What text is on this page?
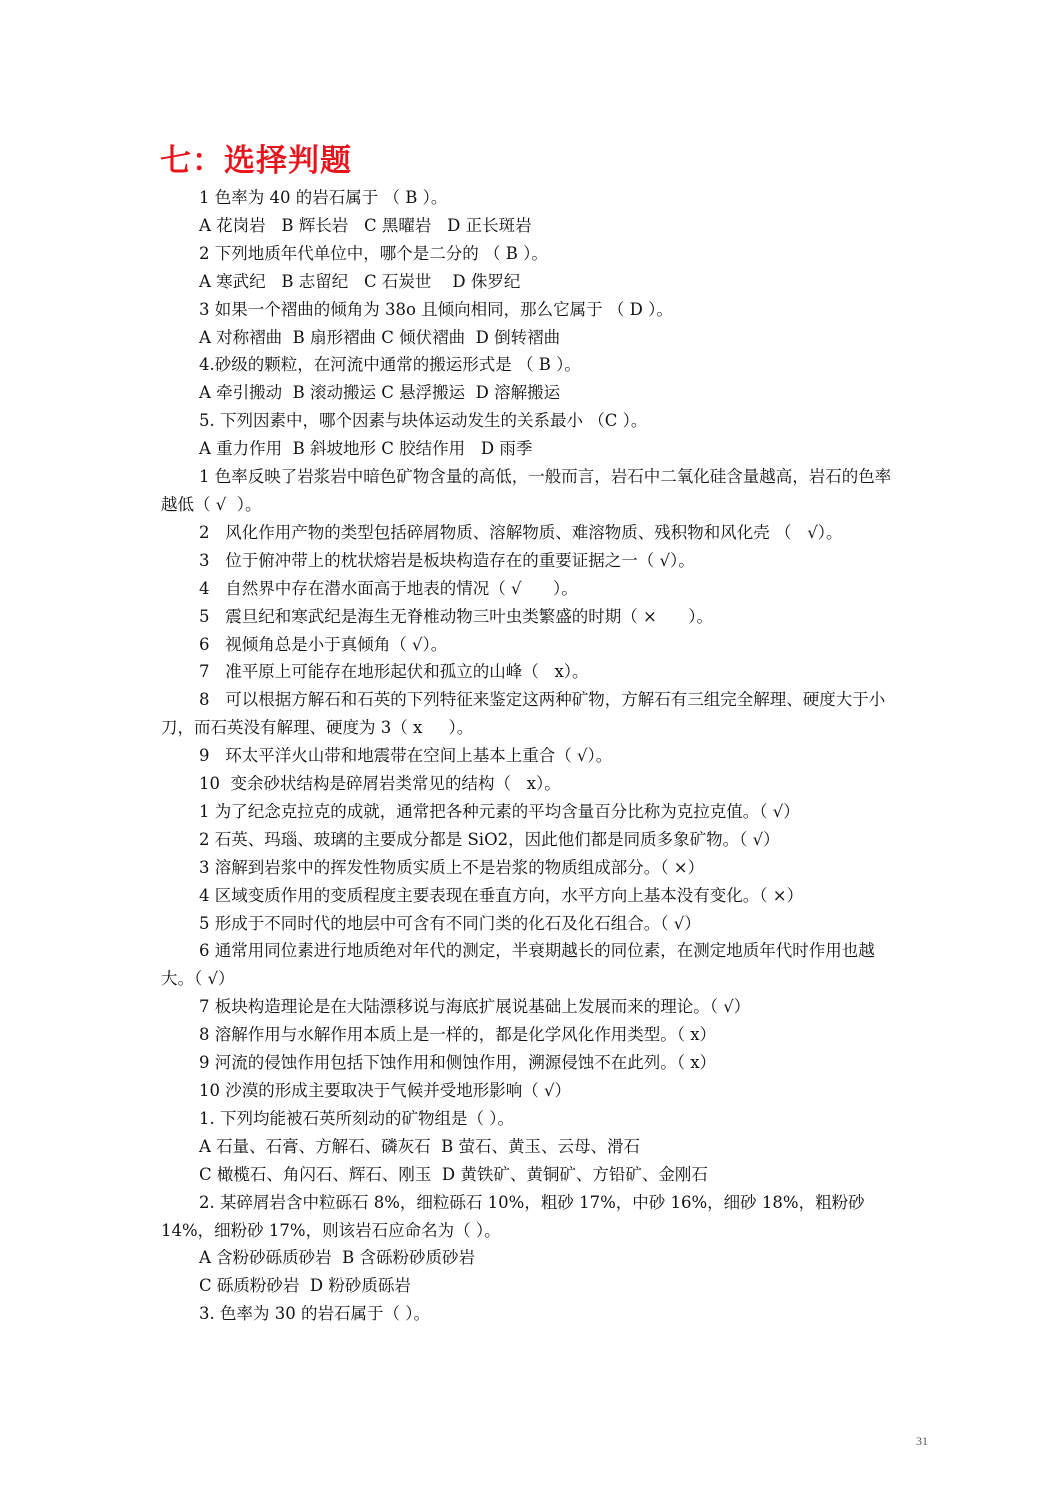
七：选择判题

1 色率为 40 的岩石属于 （ B ）。

A 花岗岩   B 辉长岩   C 黑曜岩   D 正长斑岩

2 下列地质年代单位中，哪个是二分的 （ B ）。

A 寒武纪   B 志留纪   C 石炭世    D 侏罗纪

3 如果一个褶曲的倾角为 38o 且倾向相同，那么它属于 （ D ）。

A 对称褶曲  B 扇形褶曲 C 倾伏褶曲  D 倒转褶曲

4.砂级的颗粒，在河流中通常的搬运形式是 （ B ）。

A 牵引搬动  B 滚动搬运 C 悬浮搬运  D 溶解搬运

5. 下列因素中，哪个因素与块体运动发生的关系最小 （C ）。

A 重力作用  B 斜坡地形 C 胶结作用   D 雨季

1 色率反映了岩浆岩中暗色矿物含量的高低，一般而言，岩石中二氧化硅含量越高，岩石的色率越低（ √  ）。

2   风化作用产物的类型包括碎屑物质、溶解物质、难溶物质、残积物和风化壳 （   √）。

3   位于俯冲带上的枕状熔岩是板块构造存在的重要证据之一（ √）。

4   自然界中存在潜水面高于地表的情况（ √      ）。

5   震旦纪和寒武纪是海生无脊椎动物三叶虫类繁盛的时期（ ×      ）。

6   视倾角总是小于真倾角（ √）。

7   准平原上可能存在地形起伏和孤立的山峰（   x）。

8   可以根据方解石和石英的下列特征来鉴定这两种矿物，方解石有三组完全解理、硬度大于小刀，而石英没有解理、硬度为 3（ x     ）。

9   环太平洋火山带和地震带在空间上基本上重合（ √）。

10  变余砂状结构是碎屑岩类常见的结构（   x）。

1 为了纪念克拉克的成就，通常把各种元素的平均含量百分比称为克拉克值。（ √）

2 石英、玛瑙、玻璃的主要成分都是 SiO2，因此他们都是同质多象矿物。（ √）

3 溶解到岩浆中的挥发性物质实质上不是岩浆的物质组成部分。（ ×）

4 区域变质作用的变质程度主要表现在垂直方向，水平方向上基本没有变化。（ ×）

5 形成于不同时代的地层中可含有不同门类的化石及化石组合。（ √）

6 通常用同位素进行地质绝对年代的测定，半衰期越长的同位素，在测定地质年代时作用也越大。（ √）

7 板块构造理论是在大陆漂移说与海底扩展说基础上发展而来的理论。（ √）

8 溶解作用与水解作用本质上是一样的，都是化学风化作用类型。（ x）

9 河流的侵蚀作用包括下蚀作用和侧蚀作用，溯源侵蚀不在此列。（ x）

10 沙漠的形成主要取决于气候并受地形影响（ √）

1. 下列均能被石英所刻动的矿物组是（ ）。

A 石量、石膏、方解石、磷灰石  B 萤石、黄玉、云母、滑石

C 橄榄石、角闪石、辉石、刚玉  D 黄铁矿、黄铜矿、方铅矿、金刚石

2. 某碎屑岩含中粒砾石 8%，细粒砾石 10%，粗砂 17%，中砂 16%，细砂 18%，粗粉砂 14%，细粉砂 17%，则该岩石应命名为（ ）。

A 含粉砂砾质砂岩  B 含砾粉砂质砂岩

C 砾质粉砂岩  D 粉砂质砾岩

3. 色率为 30 的岩石属于（ ）。

31
